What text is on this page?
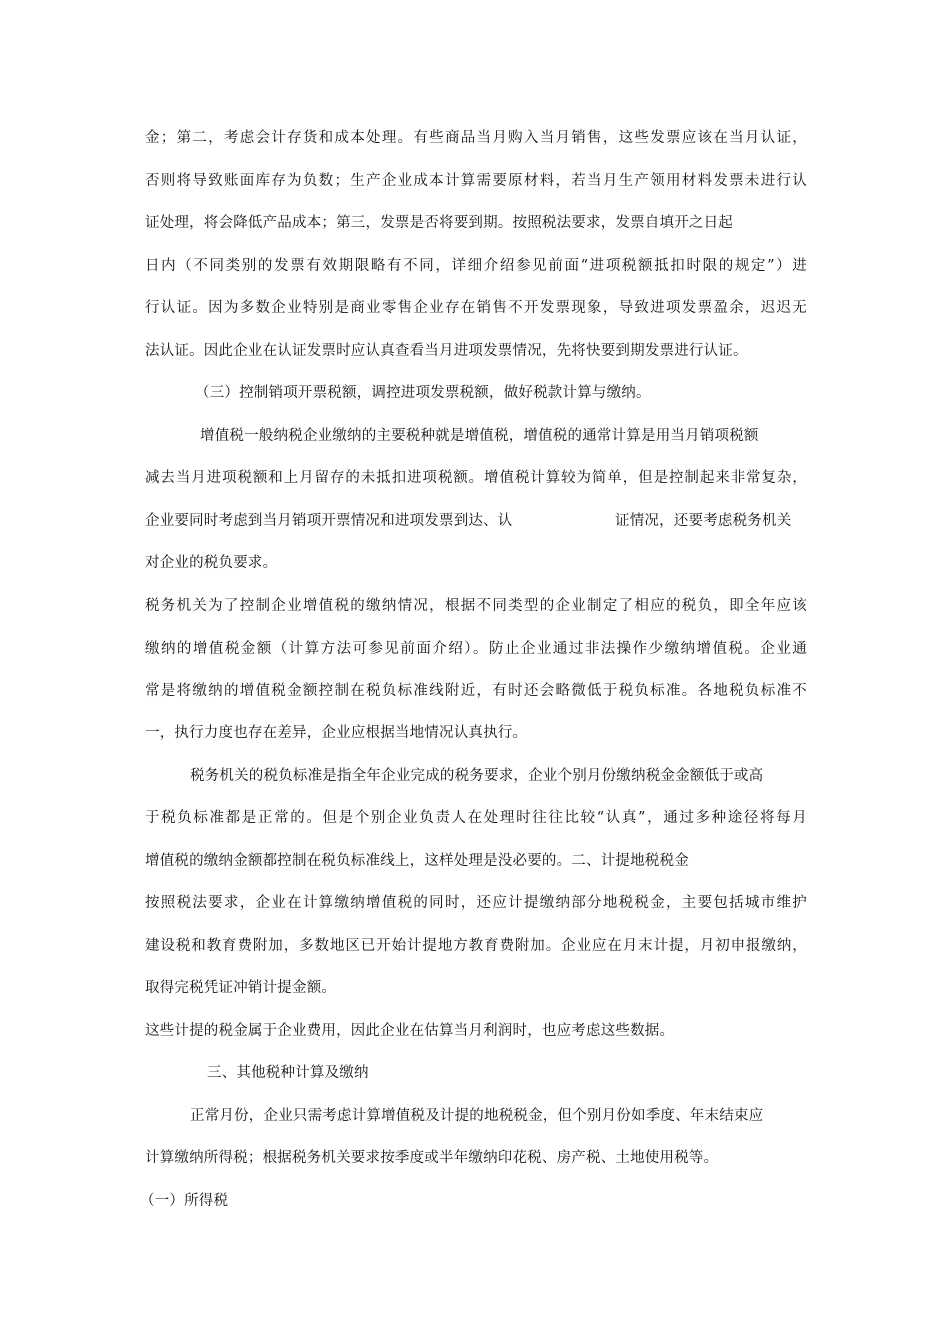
金；第二，考虑会计存货和成本处理。有些商品当月购入当月销售，这些发票应该在当月认证，
否则将导致账面库存为负数；生产企业成本计算需要原材料，若当月生产领用材料发票未进行认
证处理，将会降低产品成本；第三，发票是否将要到期。按照税法要求，发票自填开之日起
日内（不同类别的发票有效期限略有不同，详细介绍参见前面“进项税额抵扣时限的规定”）进
行认证。因为多数企业特别是商业零售企业存在销售不开发票现象，导致进项发票盈余，迟迟无
法认证。因此企业在认证发票时应认真查看当月进项发票情况，先将快要到期发票进行认证。
（三）控制销项开票税额，调控进项发票税额，做好税款计算与缴纳。
增值税一般纳税企业缴纳的主要税种就是增值税，增值税的通常计算是用当月销项税额
减去当月进项税额和上月留存的未抵扣进项税额。增值税计算较为简单，但是控制起来非常复杂，
企业要同时考虑到当月销项开票情况和进项发票到达、认	证情况，还要考虑税务机关
对企业的税负要求。
税务机关为了控制企业增值税的缴纳情况，根据不同类型的企业制定了相应的税负，即全年应该
缴纳的增值税金额（计算方法可参见前面介绍）。防止企业通过非法操作少缴纳增值税。企业通
常是将缴纳的增值税金额控制在税负标准线附近，有时还会略微低于税负标准。各地税负标准不
一，执行力度也存在差异，企业应根据当地情况认真执行。
税务机关的税负标准是指全年企业完成的税务要求，企业个别月份缴纳税金金额低于或高
于税负标准都是正常的。但是个别企业负责人在处理时往往比较“认真”，通过多种途径将每月
增值税的缴纳金额都控制在税负标准线上，这样处理是没必要的。二、计提地税税金
按照税法要求，企业在计算缴纳增值税的同时，还应计提缴纳部分地税税金，主要包括城市维护
建设税和教育费附加，多数地区已开始计提地方教育费附加。企业应在月末计提，月初申报缴纳，
取得完税凭证冲销计提金额。
这些计提的税金属于企业费用，因此企业在估算当月利润时，也应考虑这些数据。
三、其他税种计算及缴纳
正常月份，企业只需考虑计算增值税及计提的地税税金，但个别月份如季度、年末结束应
计算缴纳所得税；根据税务机关要求按季度或半年缴纳印花税、房产税、土地使用税等。
（一）所得税
